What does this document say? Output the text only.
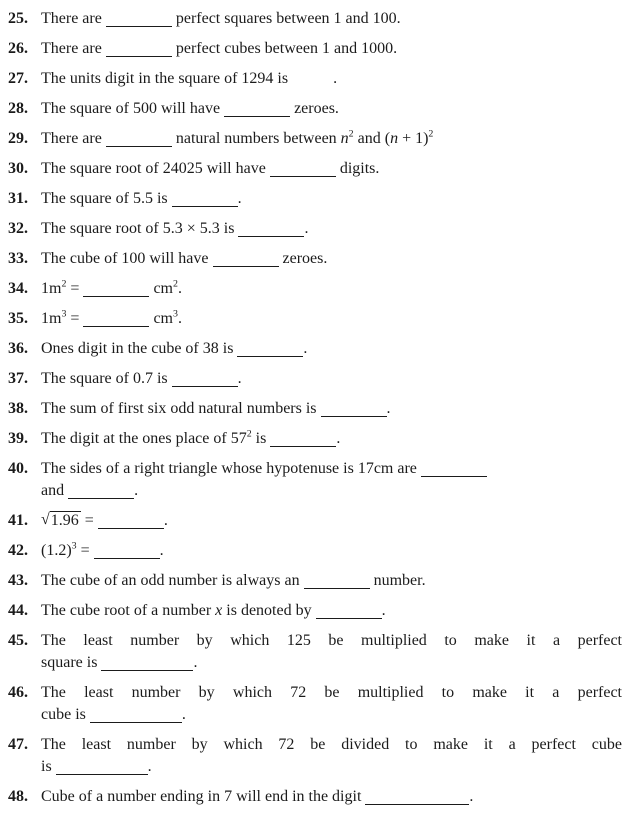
25. There are	perfect squares between 1 and 100.
26. There are	perfect cubes between 1 and 1000.
27. The units digit in the square of 1294 is	.
28. The square of 500 will have	zeroes.
29. There are	natural numbers between $n^2$ and $(n + 1)^2$
30. The square root of 24025 will have	digits.
31. The square of 5.5 is	.
32. The square root of 5.3 × 5.3 is	.
33. The cube of 100 will have	zeroes.
34. $1m^2$ =	$cm^2$.
35. $1m^3$ =	$cm^3$.
36. Ones digit in the cube of 38 is	.
37. The square of 0.7 is	.
38. The sum of first six odd natural numbers is	.
39. The digit at the ones place of $57^2$ is	.
40. The sides of a right triangle whose hypotenuse is 17cm are
and	.
41. √1.96 =	.
42. $(1.2)^3$ =	.
43. The cube of an odd number is always an	number.
44. The cube root of a number x is denoted by	.
45. The least number by which 125 be multiplied to make it a perfect
square is	.
46. The least number by which 72 be multiplied to make it a perfect
cube is	.
47. The least number by which 72 be divided to make it a perfect cube
is	.
48. Cube of a number ending in 7 will end in the digit	.
